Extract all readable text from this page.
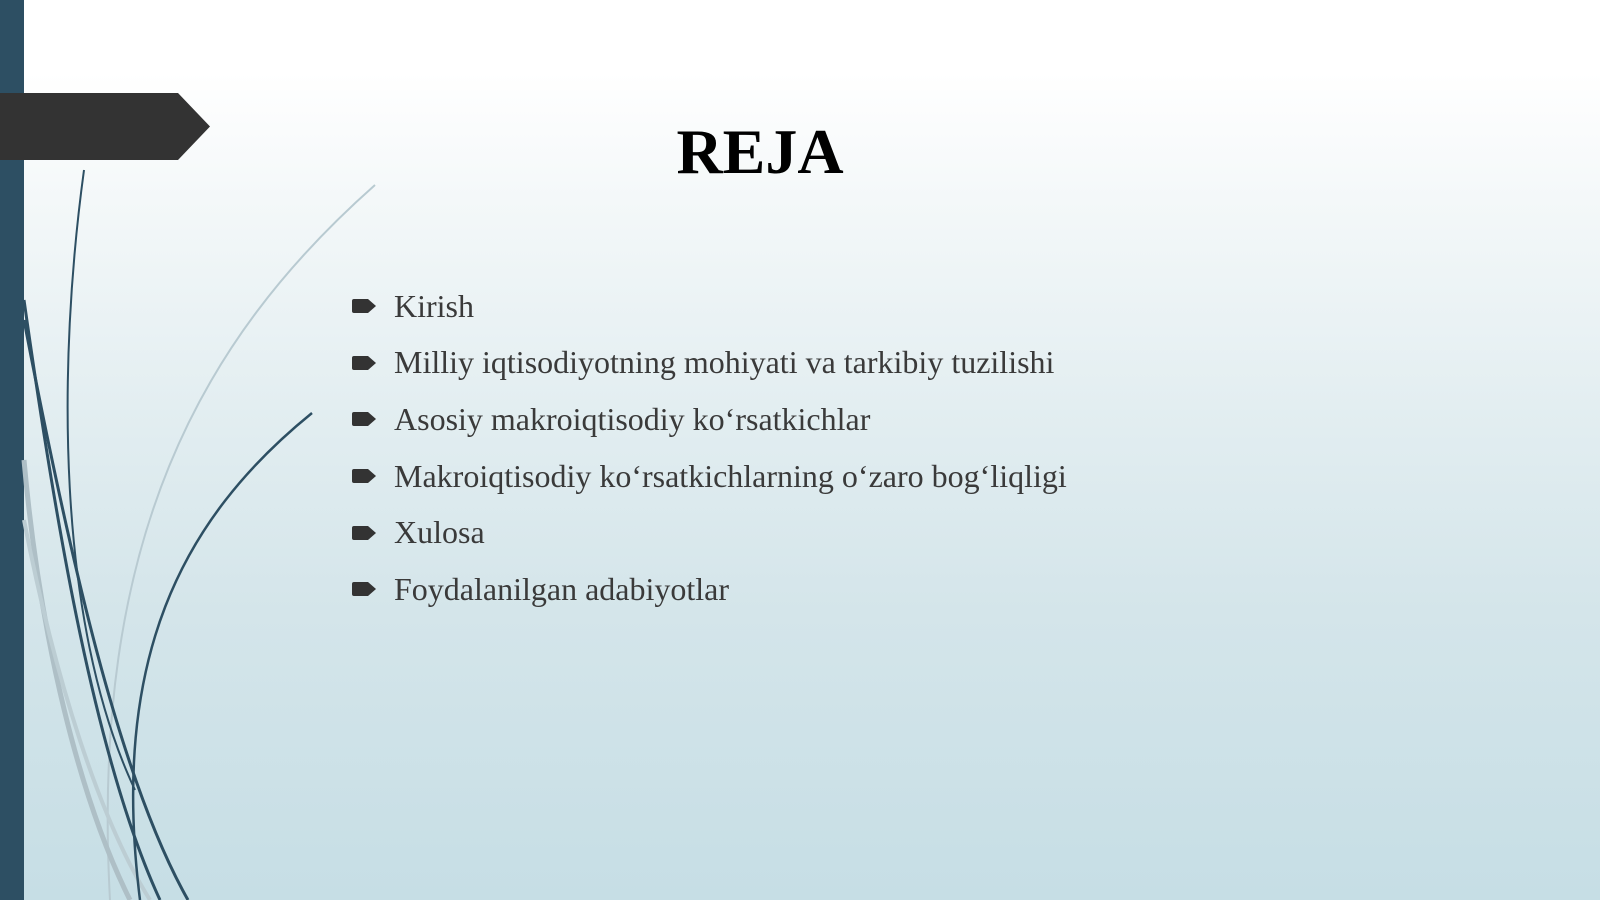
REJA
Kirish
Milliy iqtisodiyotning mohiyati va tarkibiy tuzilishi
Asosiy makroiqtisodiy ko‘rsatkichlar
Makroiqtisodiy ko‘rsatkichlarning o‘zaro bog‘liqligi
Xulosa
Foydalanilgan adabiyotlar
